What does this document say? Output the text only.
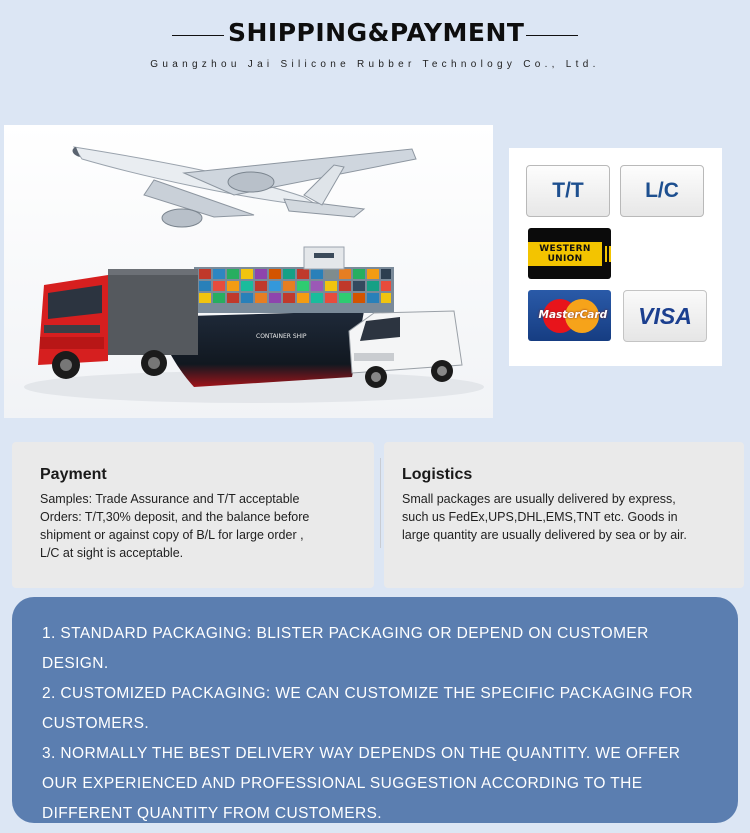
SHIPPING&PAYMENT
Guangzhou Jai Silicone Rubber Technology Co., Ltd.
CONTAINER SHIP
T/T	L/C
WESTERN UNION
MasterCard	VISA
Payment

Samples: Trade Assurance and T/T acceptable
Orders: T/T,30% deposit, and the balance before
shipment or against copy of B/L for large order ,
L/C at sight is acceptable.

Logistics

Small packages are usually delivered by express,
such us FedEx,UPS,DHL,EMS,TNT etc. Goods in
large quantity are usually delivered by sea or by air.

1. STANDARD PACKAGING: BLISTER PACKAGING OR DEPEND ON CUSTOMER DESIGN.

2. CUSTOMIZED PACKAGING: WE CAN CUSTOMIZE THE SPECIFIC PACKAGING FOR CUSTOMERS.

3. NORMALLY THE BEST DELIVERY WAY DEPENDS ON THE QUANTITY. WE OFFER OUR EXPERIENCED AND PROFESSIONAL SUGGESTION ACCORDING TO THE DIFFERENT QUANTITY FROM CUSTOMERS.
